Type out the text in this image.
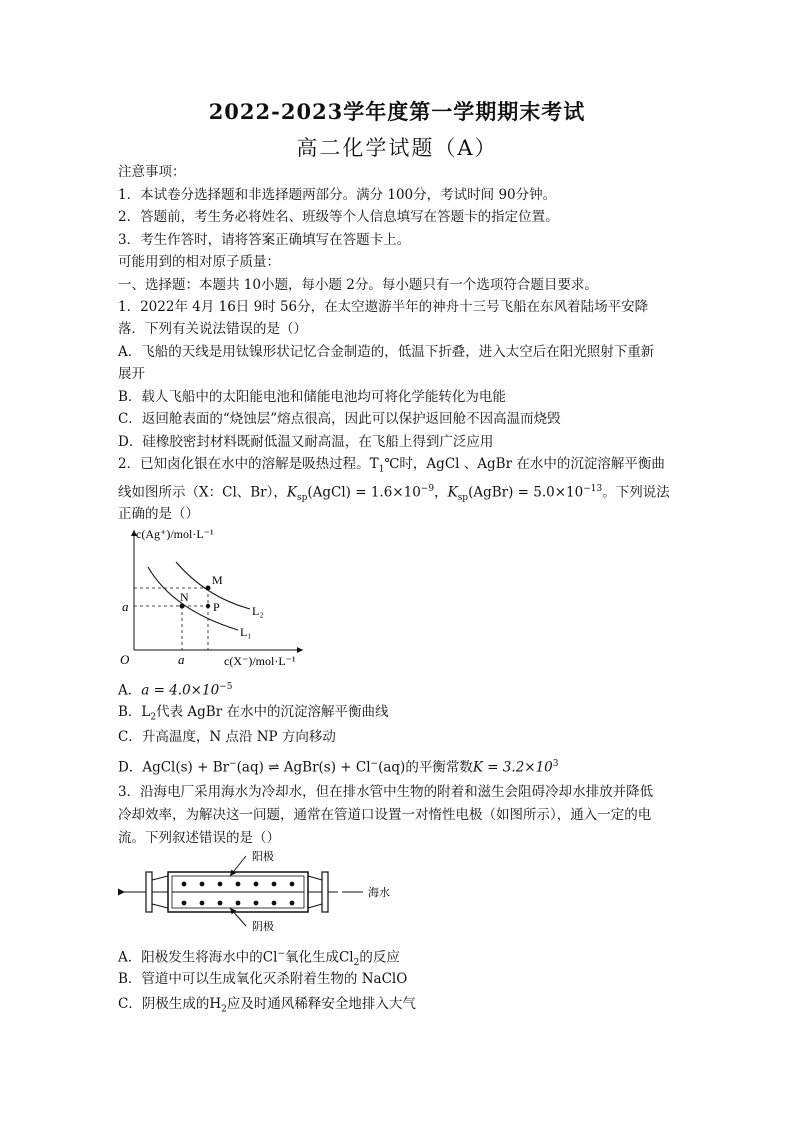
2022-2023学年度第一学期期末考试
高二化学试题（A）
注意事项：
1．本试卷分选择题和非选择题两部分。满分 100分，考试时间 90分钟。
2．答题前，考生务必将姓名、班级等个人信息填写在答题卡的指定位置。
3．考生作答时，请将答案正确填写在答题卡上。
可能用到的相对原子质量：
一、选择题：本题共 10小题，每小题 2分。每小题只有一个选项符合题目要求。
1．2022年 4月 16日 9时 56分，在太空遨游半年的神舟十三号飞船在东风着陆场平安降
落．下列有关说法错误的是（）
A．飞船的天线是用钛镍形状记忆合金制造的，低温下折叠，进入太空后在阳光照射下重新
展开
B．载人飞船中的太阳能电池和储能电池均可将化学能转化为电能
C．返回舱表面的“烧蚀层”熔点很高，因此可以保护返回舱不因高温而烧毁
D．硅橡胶密封材料既耐低温又耐高温，在飞船上得到广泛应用
2．已知卤化银在水中的溶解是吸热过程。$T_1℃$时，AgCl 、AgBr 在水中的沉淀溶解平衡曲
线如图所示（X：Cl、Br），$K_{sp}(AgCl) = 1.6\times 10^{-9}$，$K_{sp}(AgBr) = 5.0\times 10^{-13}$。下列说法
正确的是（）
c(Ag⁺)/mol·L⁻¹
c(X⁻)/mol·L⁻¹
O
a
a
M
N
P	L₂
L₁
A．$a = 4.0\times 10^{-5}$
B．$L_2$代表 AgBr 在水中的沉淀溶解平衡曲线
C．升高温度，N 点沿 NP 方向移动
D．AgCl(s) + Br−(aq) ⇌ AgBr(s) + Cl−(aq)的平衡常数$K = 3.2\times 10^3$
3．沿海电厂采用海水为冷却水，但在排水管中生物的附着和滋生会阻碍冷却水排放并降低
冷却效率，为解决这一问题，通常在管道口设置一对惰性电极（如图所示），通入一定的电
流。下列叙述错误的是（）
阳极
阴极
海水
A．阳极发生将海水中的Cl−氧化生成$Cl_2$的反应
B．管道中可以生成氧化灭杀附着生物的 NaClO
C．阴极生成的$H_2$应及时通风稀释安全地排入大气
